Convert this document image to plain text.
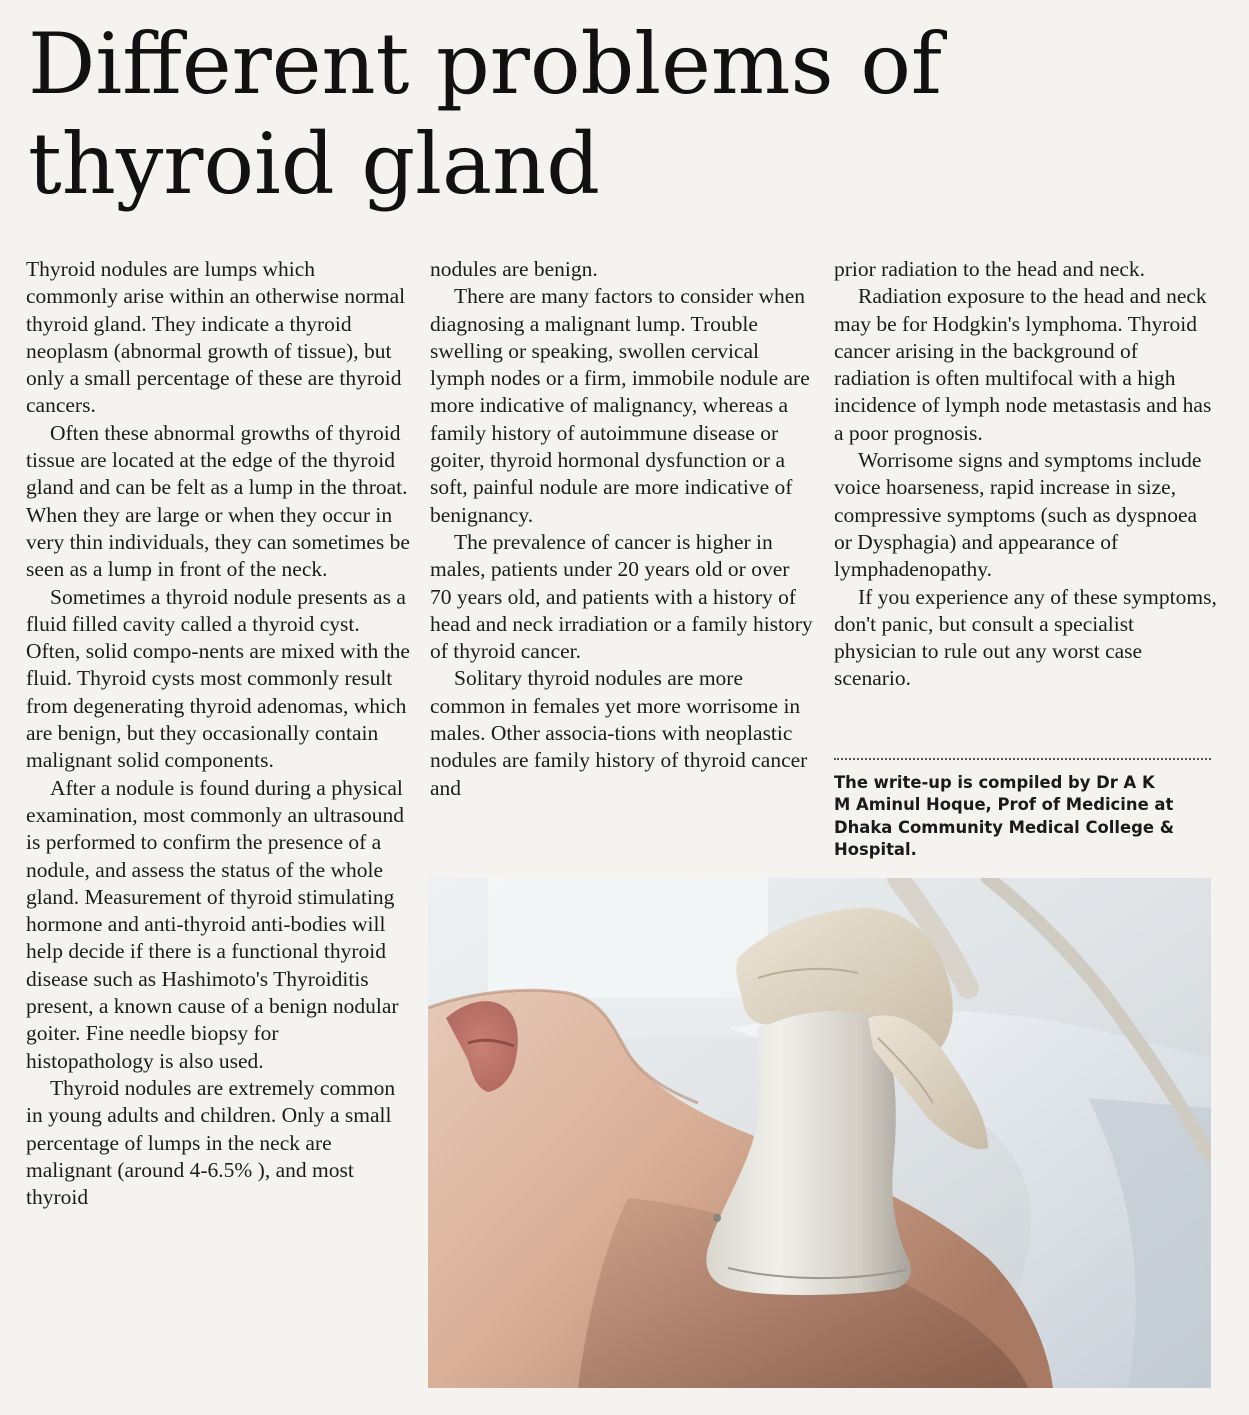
Different problems of
thyroid gland

Thyroid nodules are lumps which commonly arise within an otherwise normal thyroid gland. They indicate a thyroid neoplasm (abnormal growth of tissue), but only a small percentage of these are thyroid cancers.

Often these abnormal growths of thyroid tissue are located at the edge of the thyroid gland and can be felt as a lump in the throat. When they are large or when they occur in very thin individuals, they can sometimes be seen as a lump in front of the neck.

Sometimes a thyroid nodule presents as a fluid filled cavity called a thyroid cyst. Often, solid compo-nents are mixed with the fluid. Thyroid cysts most commonly result from degenerating thyroid adenomas, which are benign, but they occasionally contain malignant solid components.

After a nodule is found during a physical examination, most commonly an ultrasound is performed to confirm the presence of a nodule, and assess the status of the whole gland. Measurement of thyroid stimulating hormone and anti-thyroid anti-bodies will help decide if there is a functional thyroid disease such as Hashimoto's Thyroiditis present, a known cause of a benign nodular goiter. Fine needle biopsy for histopathology is also used.

Thyroid nodules are extremely common in young adults and children. Only a small percentage of lumps in the neck are malignant (around 4-6.5% ), and most thyroid

nodules are benign.

There are many factors to consider when diagnosing a malignant lump. Trouble swelling or speaking, swollen cervical lymph nodes or a firm, immobile nodule are more indicative of malignancy, whereas a family history of autoimmune disease or goiter, thyroid hormonal dysfunction or a soft, painful nodule are more indicative of benignancy.

The prevalence of cancer is higher in males, patients under 20 years old or over 70 years old, and patients with a history of head and neck irradiation or a family history of thyroid cancer.

Solitary thyroid nodules are more common in females yet more worrisome in males. Other associa-tions with neoplastic nodules are family history of thyroid cancer and

prior radiation to the head and neck.

Radiation exposure to the head and neck may be for Hodgkin's lymphoma. Thyroid cancer arising in the background of radiation is often multifocal with a high incidence of lymph node metastasis and has a poor prognosis.

Worrisome signs and symptoms include voice hoarseness, rapid increase in size, compressive symptoms (such as dyspnoea or Dysphagia) and appearance of lymphadenopathy.

If you experience any of these symptoms, don't panic, but consult a specialist physician to rule out any worst case scenario.

The write-up is compiled by Dr A K
M Aminul Hoque, Prof of Medicine at
Dhaka Community Medical College &
Hospital.
